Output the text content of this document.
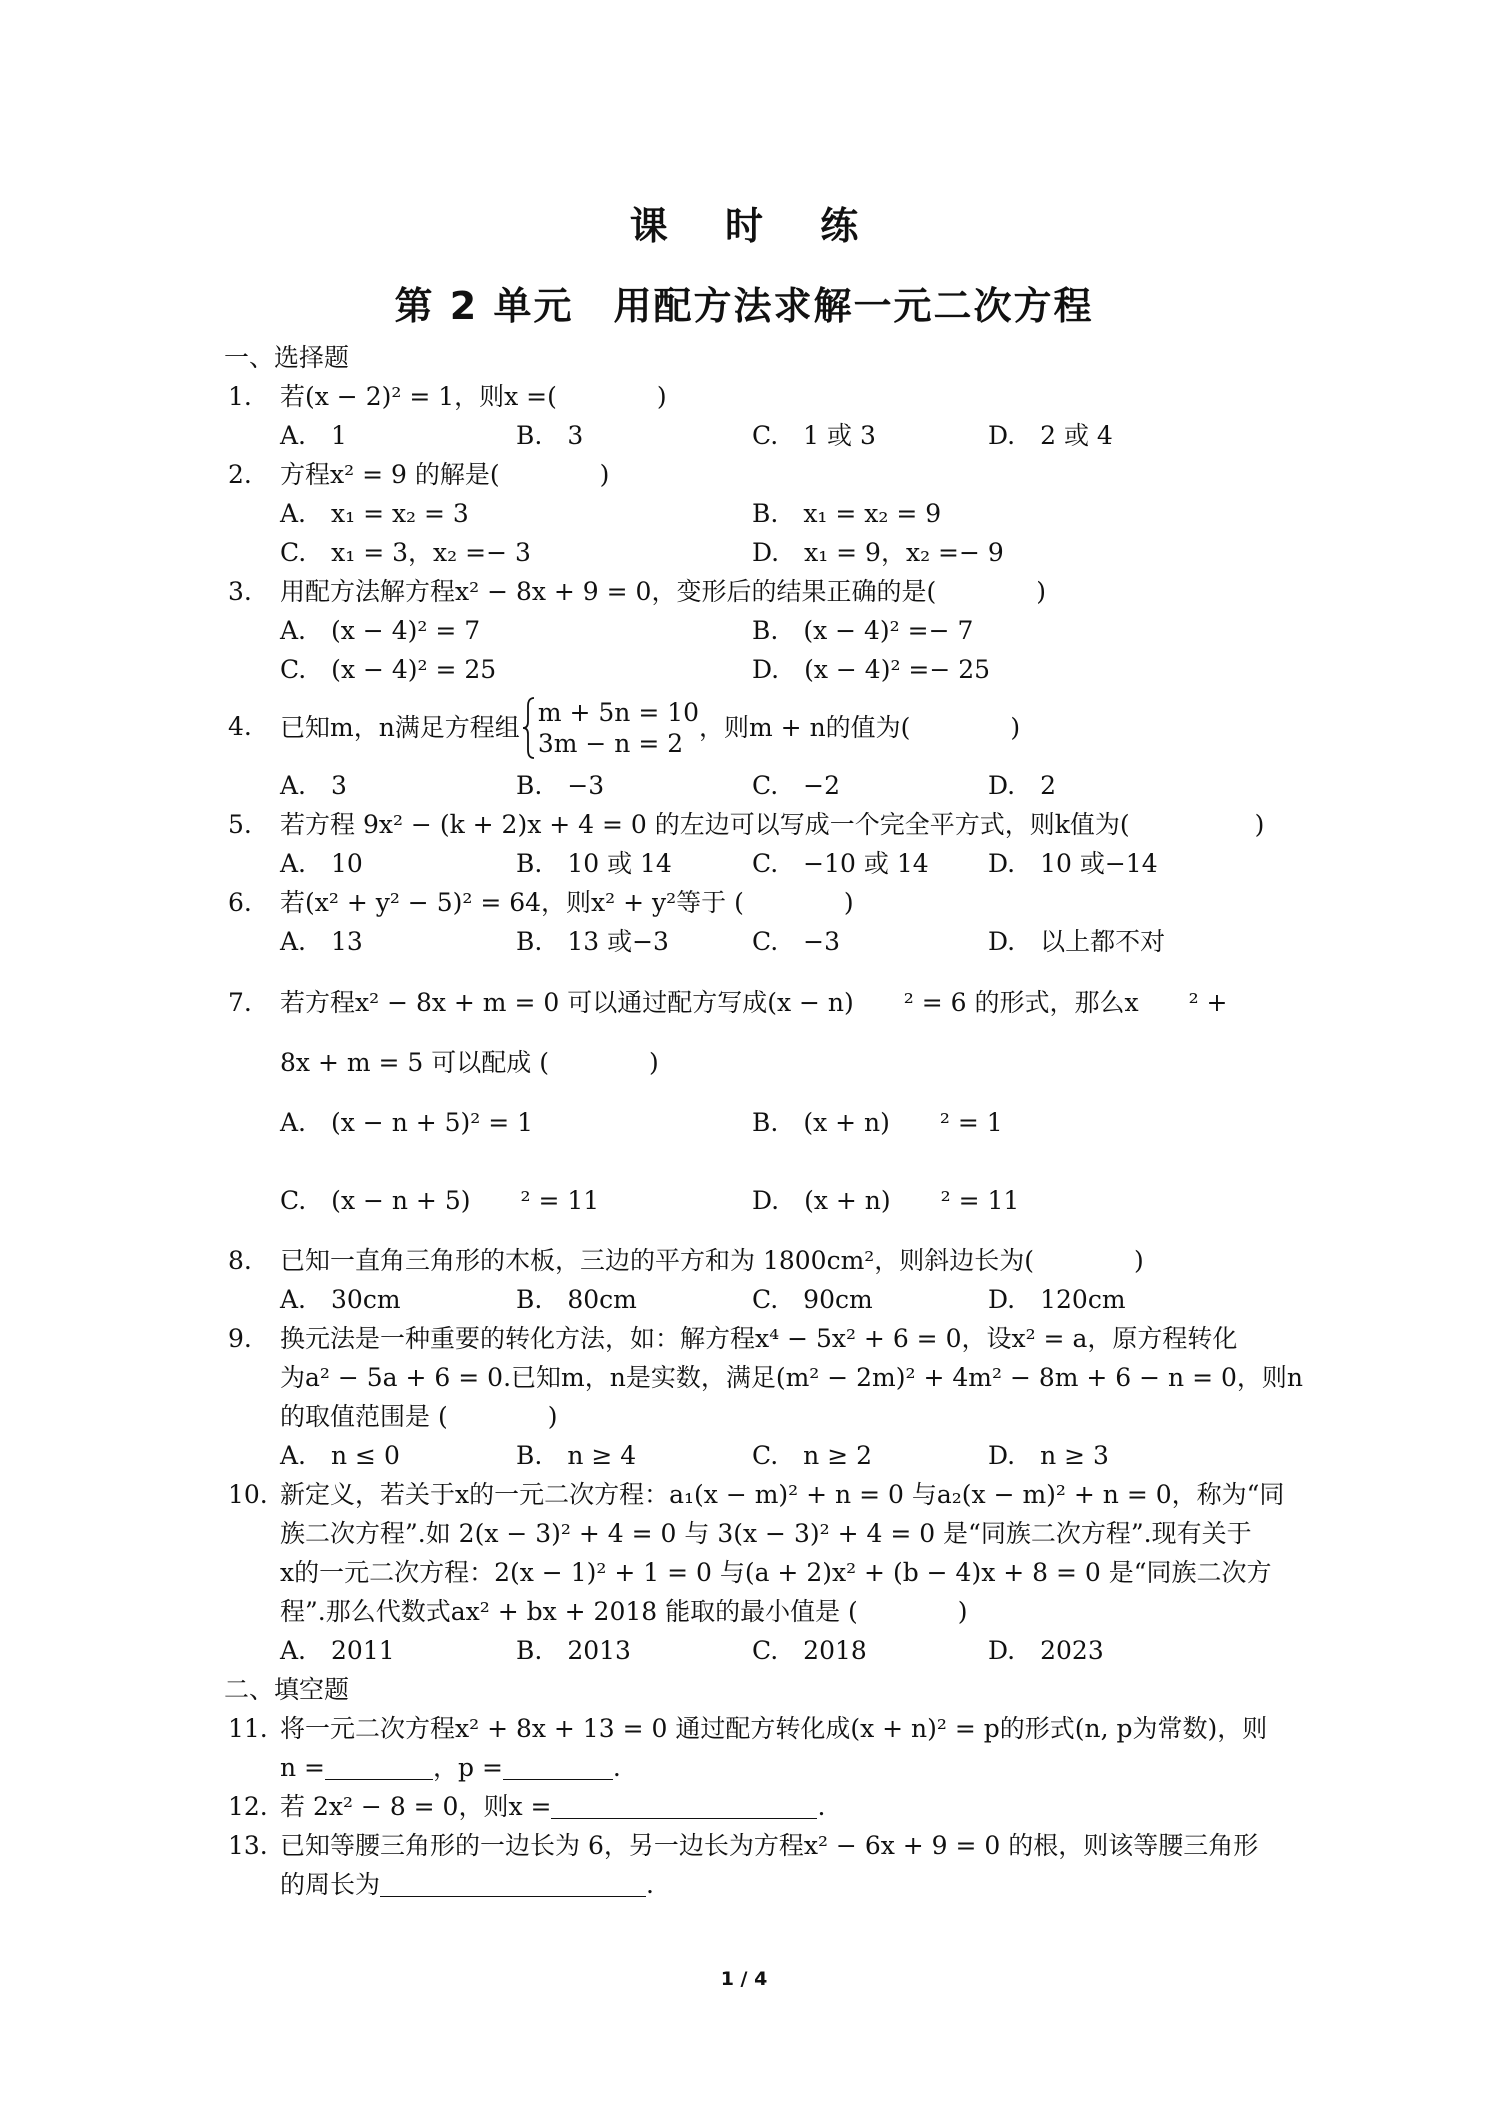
课 时 练
第 2 单元　用配方法求解一元二次方程
一、选择题
1. 若(x − 2)² = 1，则x =(　　　　)
A.　1	B.　3	C.　1 或 3	D.　2 或 4
2. 方程x² = 9 的解是(　　　　)
A.　x₁ = x₂ = 3	B.　x₁ = x₂ = 9
C.　x₁ = 3，x₂ =− 3	D.　x₁ = 9，x₂ =− 9
3. 用配方法解方程x² − 8x + 9 = 0，变形后的结果正确的是(　　　　)
A.　(x − 4)² = 7	B.　(x − 4)² =− 7
C.　(x − 4)² = 25	D.　(x − 4)² =− 25
4. 已知m，n满足方程组
m + 5n = 10
3m − n = 2
，则m + n的值为(　　　　)
A.　3	B.　−3	C.　−2	D.　2
5. 若方程 9x² − (k + 2)x + 4 = 0 的左边可以写成一个完全平方式，则k值为(　　　　　)
A.　10	B.　10 或 14	C.　−10 或 14 D.　10 或−14
6. 若(x² + y² − 5)² = 64，则x² + y²等于 (　　　　)
A.　13	B.　13 或−3	C.　−3	D.　以上都不对
7. 若方程x² − 8x + m = 0 可以通过配方写成(x − n)　　² = 6 的形式，那么x　　² +
8x + m = 5 可以配成 (　　　　)
A.　(x − n + 5)² = 1	B.　(x + n)　　² = 1
C.　(x − n + 5)　　² = 11	D.　(x + n)　　² = 11
8. 已知一直角三角形的木板，三边的平方和为 1800cm²，则斜边长为(　　　　)
A.　30cm	B.　80cm	C.　90cm	D.　120cm
9. 换元法是一种重要的转化方法，如：解方程x⁴ − 5x² + 6 = 0，设x² = a，原方程转化
为a² − 5a + 6 = 0.已知m，n是实数，满足(m² − 2m)² + 4m² − 8m + 6 − n = 0，则n
的取值范围是 (　　　　)
A.　n ≤ 0	B.　n ≥ 4	C.　n ≥ 2	D.　n ≥ 3
10. 新定义，若关于x的一元二次方程：a₁(x − m)² + n = 0 与a₂(x − m)² + n = 0，称为“同
族二次方程”.如 2(x − 3)² + 4 = 0 与 3(x − 3)² + 4 = 0 是“同族二次方程”.现有关于
x的一元二次方程：2(x − 1)² + 1 = 0 与(a + 2)x² + (b − 4)x + 8 = 0 是“同族二次方
程”.那么代数式ax² + bx + 2018 能取的最小值是 (　　　　)
A.　2011	B.　2013	C.　2018	D.　2023
二、填空题
11. 将一元二次方程x² + 8x + 13 = 0 通过配方转化成(x + n)² = p的形式(n, p为常数)，则
n =	，p =	.
12. 若 2x² − 8 = 0，则x =	.
13. 已知等腰三角形的一边长为 6，另一边长为方程x² − 6x + 9 = 0 的根，则该等腰三角形
的周长为	.
1 / 4
